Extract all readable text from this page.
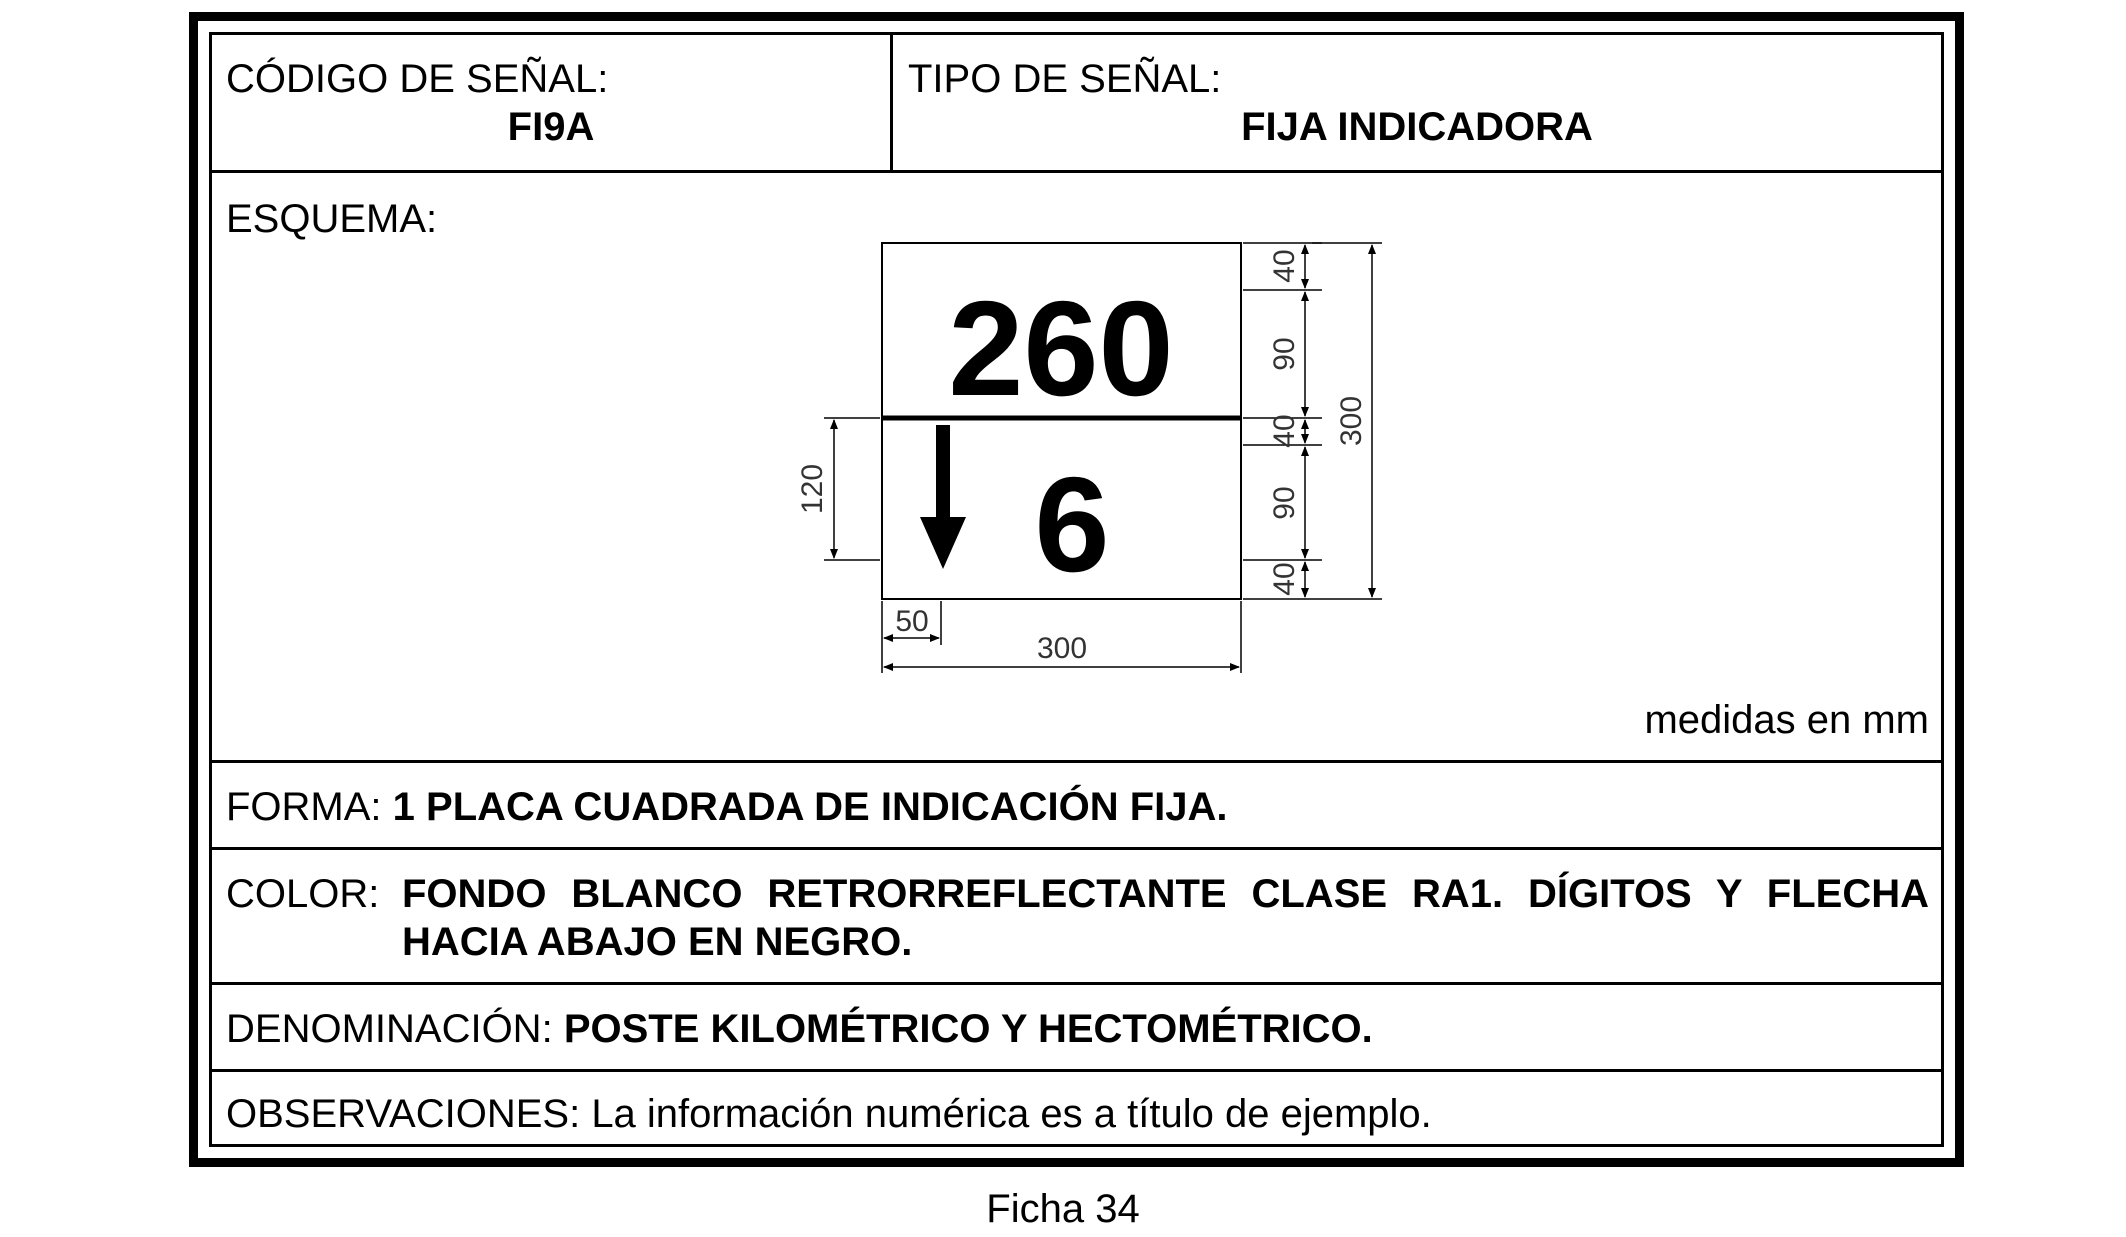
CÓDIGO DE SEÑAL:
FI9A
TIPO DE SEÑAL:
FIJA INDICADORA
ESQUEMA:
260
6
40
90
40
90
40
300
120
50
300
medidas en mm
FORMA: 1 PLACA CUADRADA DE INDICACIÓN FIJA.
COLOR: FONDO BLANCO RETRORREFLECTANTE CLASE RA1. DÍGITOS Y FLECHA HACIA ABAJO EN NEGRO.
DENOMINACIÓN: POSTE KILOMÉTRICO Y HECTOMÉTRICO.
OBSERVACIONES: La información numérica es a título de ejemplo.
Ficha 34
